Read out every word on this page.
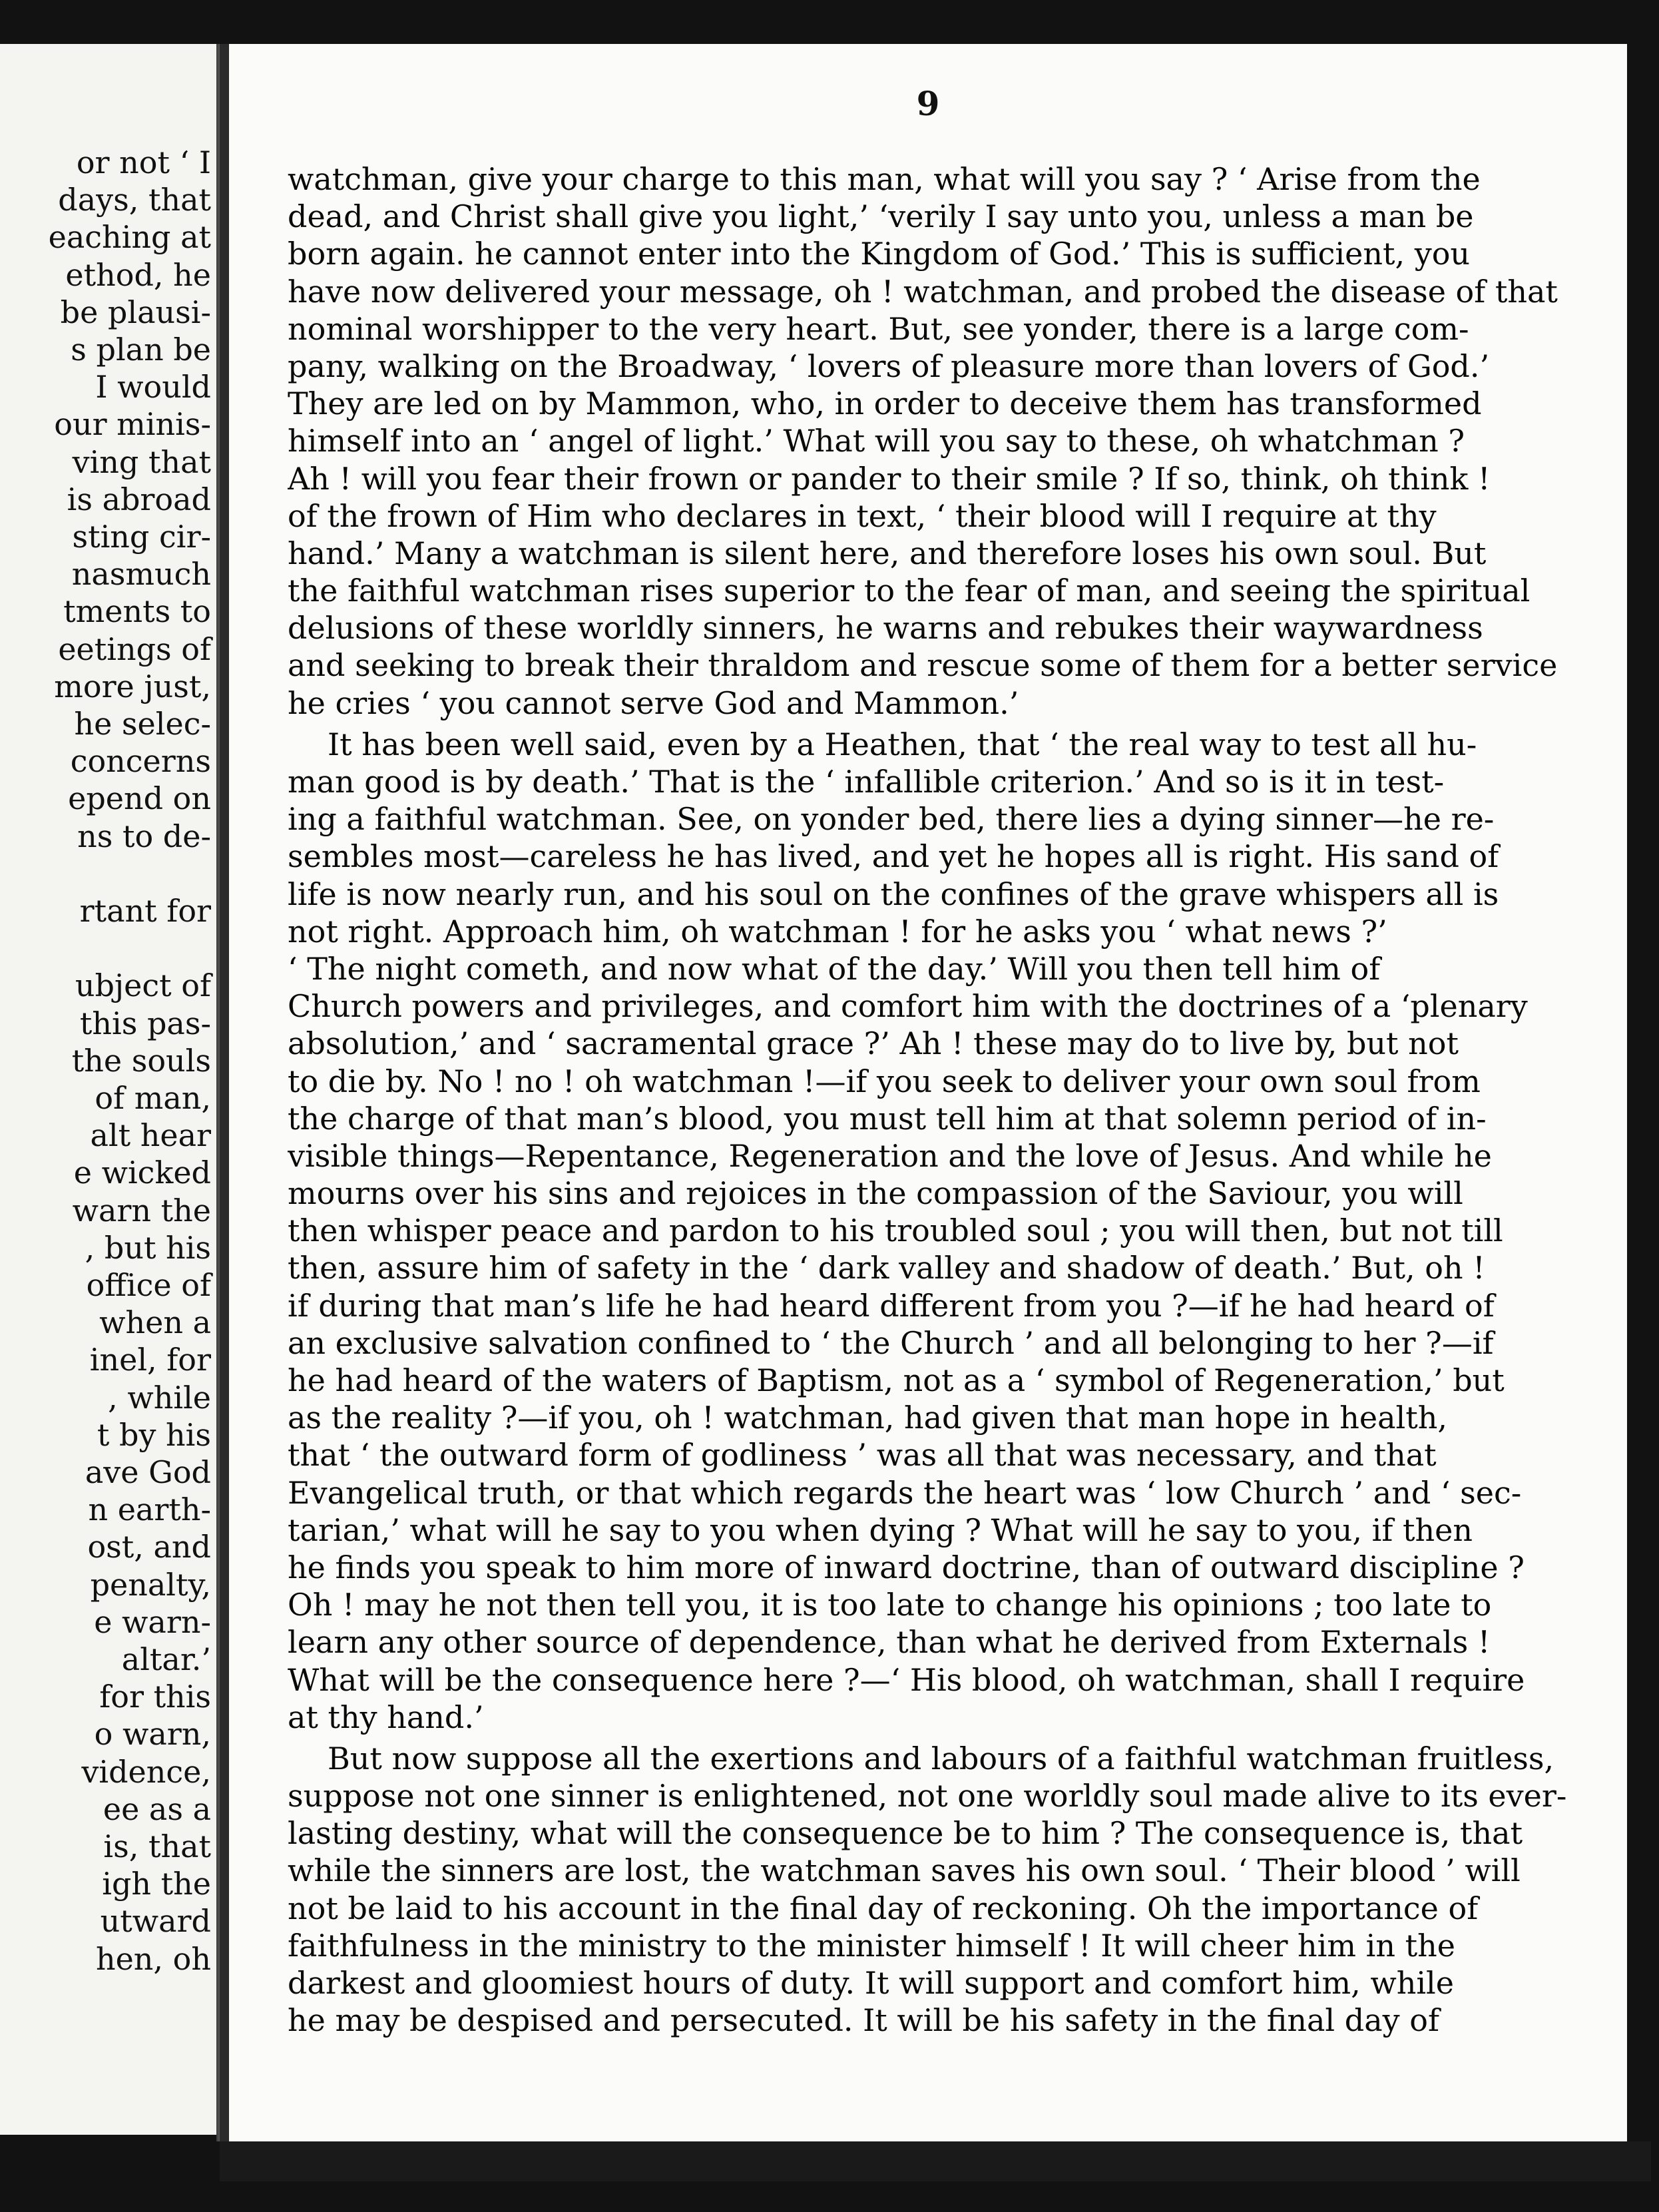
or not ‘ I
days, that
eaching at
ethod, he
be plausi-
s plan be
I would
our minis-
ving that
is abroad
sting cir-
nasmuch
tments to
eetings of
more just,
he selec-
concerns
epend on
ns to de-
rtant for
ubject of
this pas-
the souls
of man,
alt hear
e wicked
warn the
, but his
office of
when a
inel, for
, while
t by his
ave God
n earth-
ost, and
penalty,
e warn-
altar.’
for this
o warn,
vidence,
ee as a
is, that
igh the
utward
hen, oh
9
watchman, give your charge to this man, what will you say ? ‘ Arise from the
dead, and Christ shall give you light,’ ‘verily I say unto you, unless a man be
born again. he cannot enter into the Kingdom of God.’ This is sufficient, you
have now delivered your message, oh ! watchman, and probed the disease of that
nominal worshipper to the very heart. But, see yonder, there is a large com-
pany, walking on the Broadway, ‘ lovers of pleasure more than lovers of God.’
They are led on by Mammon, who, in order to deceive them has transformed
himself into an ‘ angel of light.’ What will you say to these, oh whatchman ?
Ah ! will you fear their frown or pander to their smile ? If so, think, oh think !
of the frown of Him who declares in text, ‘ their blood will I require at thy
hand.’ Many a watchman is silent here, and therefore loses his own soul. But
the faithful watchman rises superior to the fear of man, and seeing the spiritual
delusions of these worldly sinners, he warns and rebukes their waywardness
and seeking to break their thraldom and rescue some of them for a better service
he cries ‘ you cannot serve God and Mammon.’
It has been well said, even by a Heathen, that ‘ the real way to test all hu-
man good is by death.’ That is the ‘ infallible criterion.’ And so is it in test-
ing a faithful watchman. See, on yonder bed, there lies a dying sinner—he re-
sembles most—careless he has lived, and yet he hopes all is right. His sand of
life is now nearly run, and his soul on the confines of the grave whispers all is
not right. Approach him, oh watchman ! for he asks you ‘ what news ?’
‘ The night cometh, and now what of the day.’ Will you then tell him of
Church powers and privileges, and comfort him with the doctrines of a ‘plenary
absolution,’ and ‘ sacramental grace ?’ Ah ! these may do to live by, but not
to die by. No ! no ! oh watchman !—if you seek to deliver your own soul from
the charge of that man’s blood, you must tell him at that solemn period of in-
visible things—Repentance, Regeneration and the love of Jesus. And while he
mourns over his sins and rejoices in the compassion of the Saviour, you will
then whisper peace and pardon to his troubled soul ; you will then, but not till
then, assure him of safety in the ‘ dark valley and shadow of death.’ But, oh !
if during that man’s life he had heard different from you ?—if he had heard of
an exclusive salvation confined to ‘ the Church ’ and all belonging to her ?—if
he had heard of the waters of Baptism, not as a ‘ symbol of Regeneration,’ but
as the reality ?—if you, oh ! watchman, had given that man hope in health,
that ‘ the outward form of godliness ’ was all that was necessary, and that
Evangelical truth, or that which regards the heart was ‘ low Church ’ and ‘ sec-
tarian,’ what will he say to you when dying ? What will he say to you, if then
he finds you speak to him more of inward doctrine, than of outward discipline ?
Oh ! may he not then tell you, it is too late to change his opinions ; too late to
learn any other source of dependence, than what he derived from Externals !
What will be the consequence here ?—‘ His blood, oh watchman, shall I require
at thy hand.’
But now suppose all the exertions and labours of a faithful watchman fruitless,
suppose not one sinner is enlightened, not one worldly soul made alive to its ever-
lasting destiny, what will the consequence be to him ? The consequence is, that
while the sinners are lost, the watchman saves his own soul. ‘ Their blood ’ will
not be laid to his account in the final day of reckoning. Oh the importance of
faithfulness in the ministry to the minister himself ! It will cheer him in the
darkest and gloomiest hours of duty. It will support and comfort him, while
he may be despised and persecuted. It will be his safety in the final day of
